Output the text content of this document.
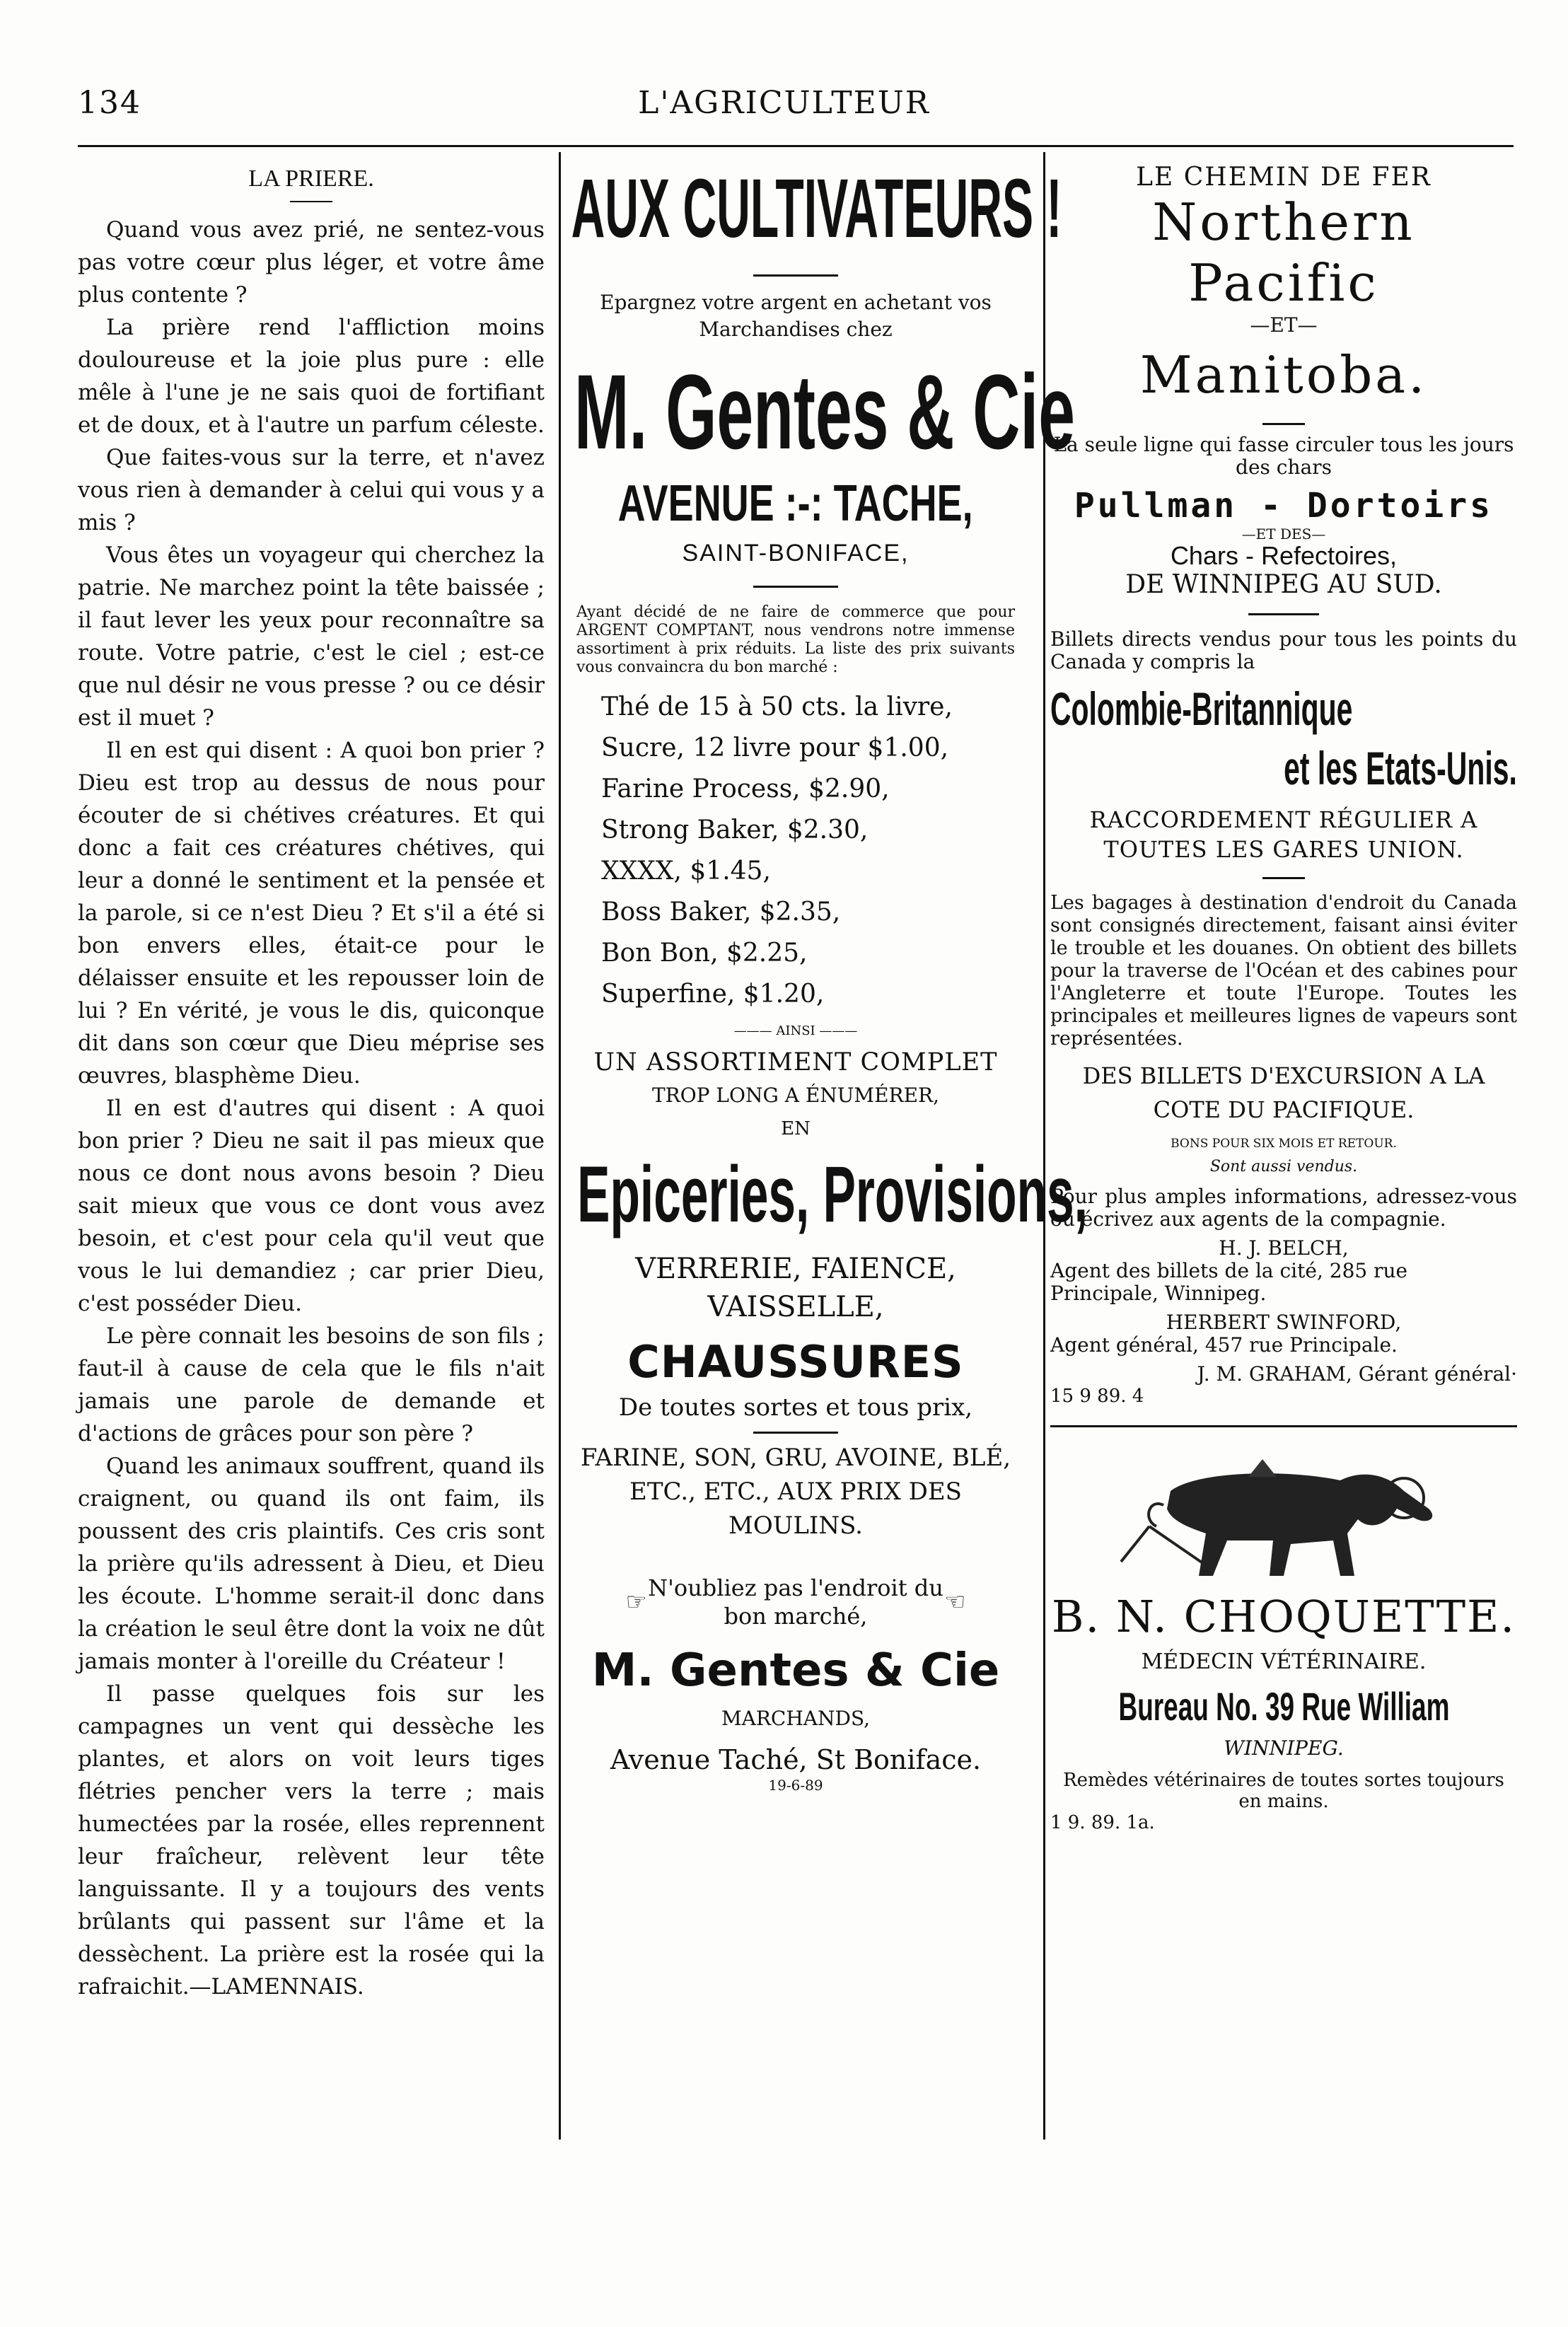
134	L'AGRICULTEUR
LA PRIERE.

Quand vous avez prié, ne sentez-vous pas votre cœur plus léger, et votre âme plus contente ?

La prière rend l'affliction moins douloureuse et la joie plus pure : elle mêle à l'une je ne sais quoi de fortifiant et de doux, et à l'autre un parfum céleste.

Que faites-vous sur la terre, et n'avez vous rien à demander à celui qui vous y a mis ?

Vous êtes un voyageur qui cherchez la patrie. Ne marchez point la tête baissée ; il faut lever les yeux pour reconnaître sa route. Votre patrie, c'est le ciel ; est-ce que nul désir ne vous presse ? ou ce désir est il muet ?

Il en est qui disent : A quoi bon prier ? Dieu est trop au dessus de nous pour écouter de si chétives créatures. Et qui donc a fait ces créatures chétives, qui leur a donné le sentiment et la pensée et la parole, si ce n'est Dieu ? Et s'il a été si bon envers elles, était-ce pour le délaisser ensuite et les repousser loin de lui ? En vérité, je vous le dis, quiconque dit dans son cœur que Dieu méprise ses œuvres, blasphème Dieu.

Il en est d'autres qui disent : A quoi bon prier ? Dieu ne sait il pas mieux que nous ce dont nous avons besoin ? Dieu sait mieux que vous ce dont vous avez besoin, et c'est pour cela qu'il veut que vous le lui demandiez ; car prier Dieu, c'est posséder Dieu.

Le père connait les besoins de son fils ; faut-il à cause de cela que le fils n'ait jamais une parole de demande et d'actions de grâces pour son père ?

Quand les animaux souffrent, quand ils craignent, ou quand ils ont faim, ils poussent des cris plaintifs. Ces cris sont la prière qu'ils adressent à Dieu, et Dieu les écoute. L'homme serait-il donc dans la création le seul être dont la voix ne dût jamais monter à l'oreille du Créateur !

Il passe quelques fois sur les campagnes un vent qui dessèche les plantes, et alors on voit leurs tiges flétries pencher vers la terre ; mais humectées par la rosée, elles reprennent leur fraîcheur, relèvent leur tête languissante. Il y a toujours des vents brûlants qui passent sur l'âme et la dessèchent. La prière est la rosée qui la rafraichit.—LAMENNAIS.

AUX CULTIVATEURS !
Epargnez votre argent en achetant vos Marchandises chez
M. Gentes & Cie
AVENUE :-: TACHE,
SAINT-BONIFACE,
Ayant décidé de ne faire de commerce que pour ARGENT COMPTANT, nous vendrons notre immense assortiment à prix réduits. La liste des prix suivants vous convaincra du bon marché :
Thé de 15 à 50 cts. la livre,
Sucre, 12 livre pour $1.00,
Farine Process, $2.90,
Strong Baker, $2.30,
XXXX, $1.45,
Boss Baker, $2.35,
Bon Bon, $2.25,
Superfine, $1.20,
——— AINSI ———
UN ASSORTIMENT COMPLET
TROP LONG A ÉNUMÉRER,
EN
Epiceries, Provisions,
VERRERIE, FAIENCE, VAISSELLE,
CHAUSSURES
De toutes sortes et tous prix,
FARINE, SON, GRU, AVOINE, BLÉ, ETC., ETC., AUX PRIX DES MOULINS.
☞ N'oubliez pas l'endroit du bon marché,	☜
M. Gentes & Cie
MARCHANDS,
Avenue Taché, St Boniface.
19-6-89
LE CHEMIN DE FER
Northern Pacific
—ET—
Manitoba.
La seule ligne qui fasse circuler tous les jours des chars
Pullman - Dortoirs
—ET DES—
Chars - Refectoires,
DE WINNIPEG AU SUD.
Billets directs vendus pour tous les points du Canada y compris la
Colombie-Britannique
et les Etats-Unis.
RACCORDEMENT RÉGULIER A TOUTES LES GARES UNION.
Les bagages à destination d'endroit du Canada sont consignés directement, faisant ainsi éviter le trouble et les douanes. On obtient des billets pour la traverse de l'Océan et des cabines pour l'Angleterre et toute l'Europe. Toutes les principales et meilleures lignes de vapeurs sont représentées.
DES BILLETS D'EXCURSION A LA COTE DU PACIFIQUE.
BONS POUR SIX MOIS ET RETOUR.
Sont aussi vendus.
Pour plus amples informations, adressez-vous ou écrivez aux agents de la compagnie.
H. J. BELCH,
Agent des billets de la cité, 285 rue Principale, Winnipeg.
HERBERT SWINFORD,
Agent général, 457 rue Principale.
J. M. GRAHAM, Gérant général·
15 9 89. 4
B. N. CHOQUETTE.
MÉDECIN VÉTÉRINAIRE.
Bureau No. 39 Rue William
WINNIPEG.
Remèdes vétérinaires de toutes sortes toujours en mains.
1 9. 89. 1a.
